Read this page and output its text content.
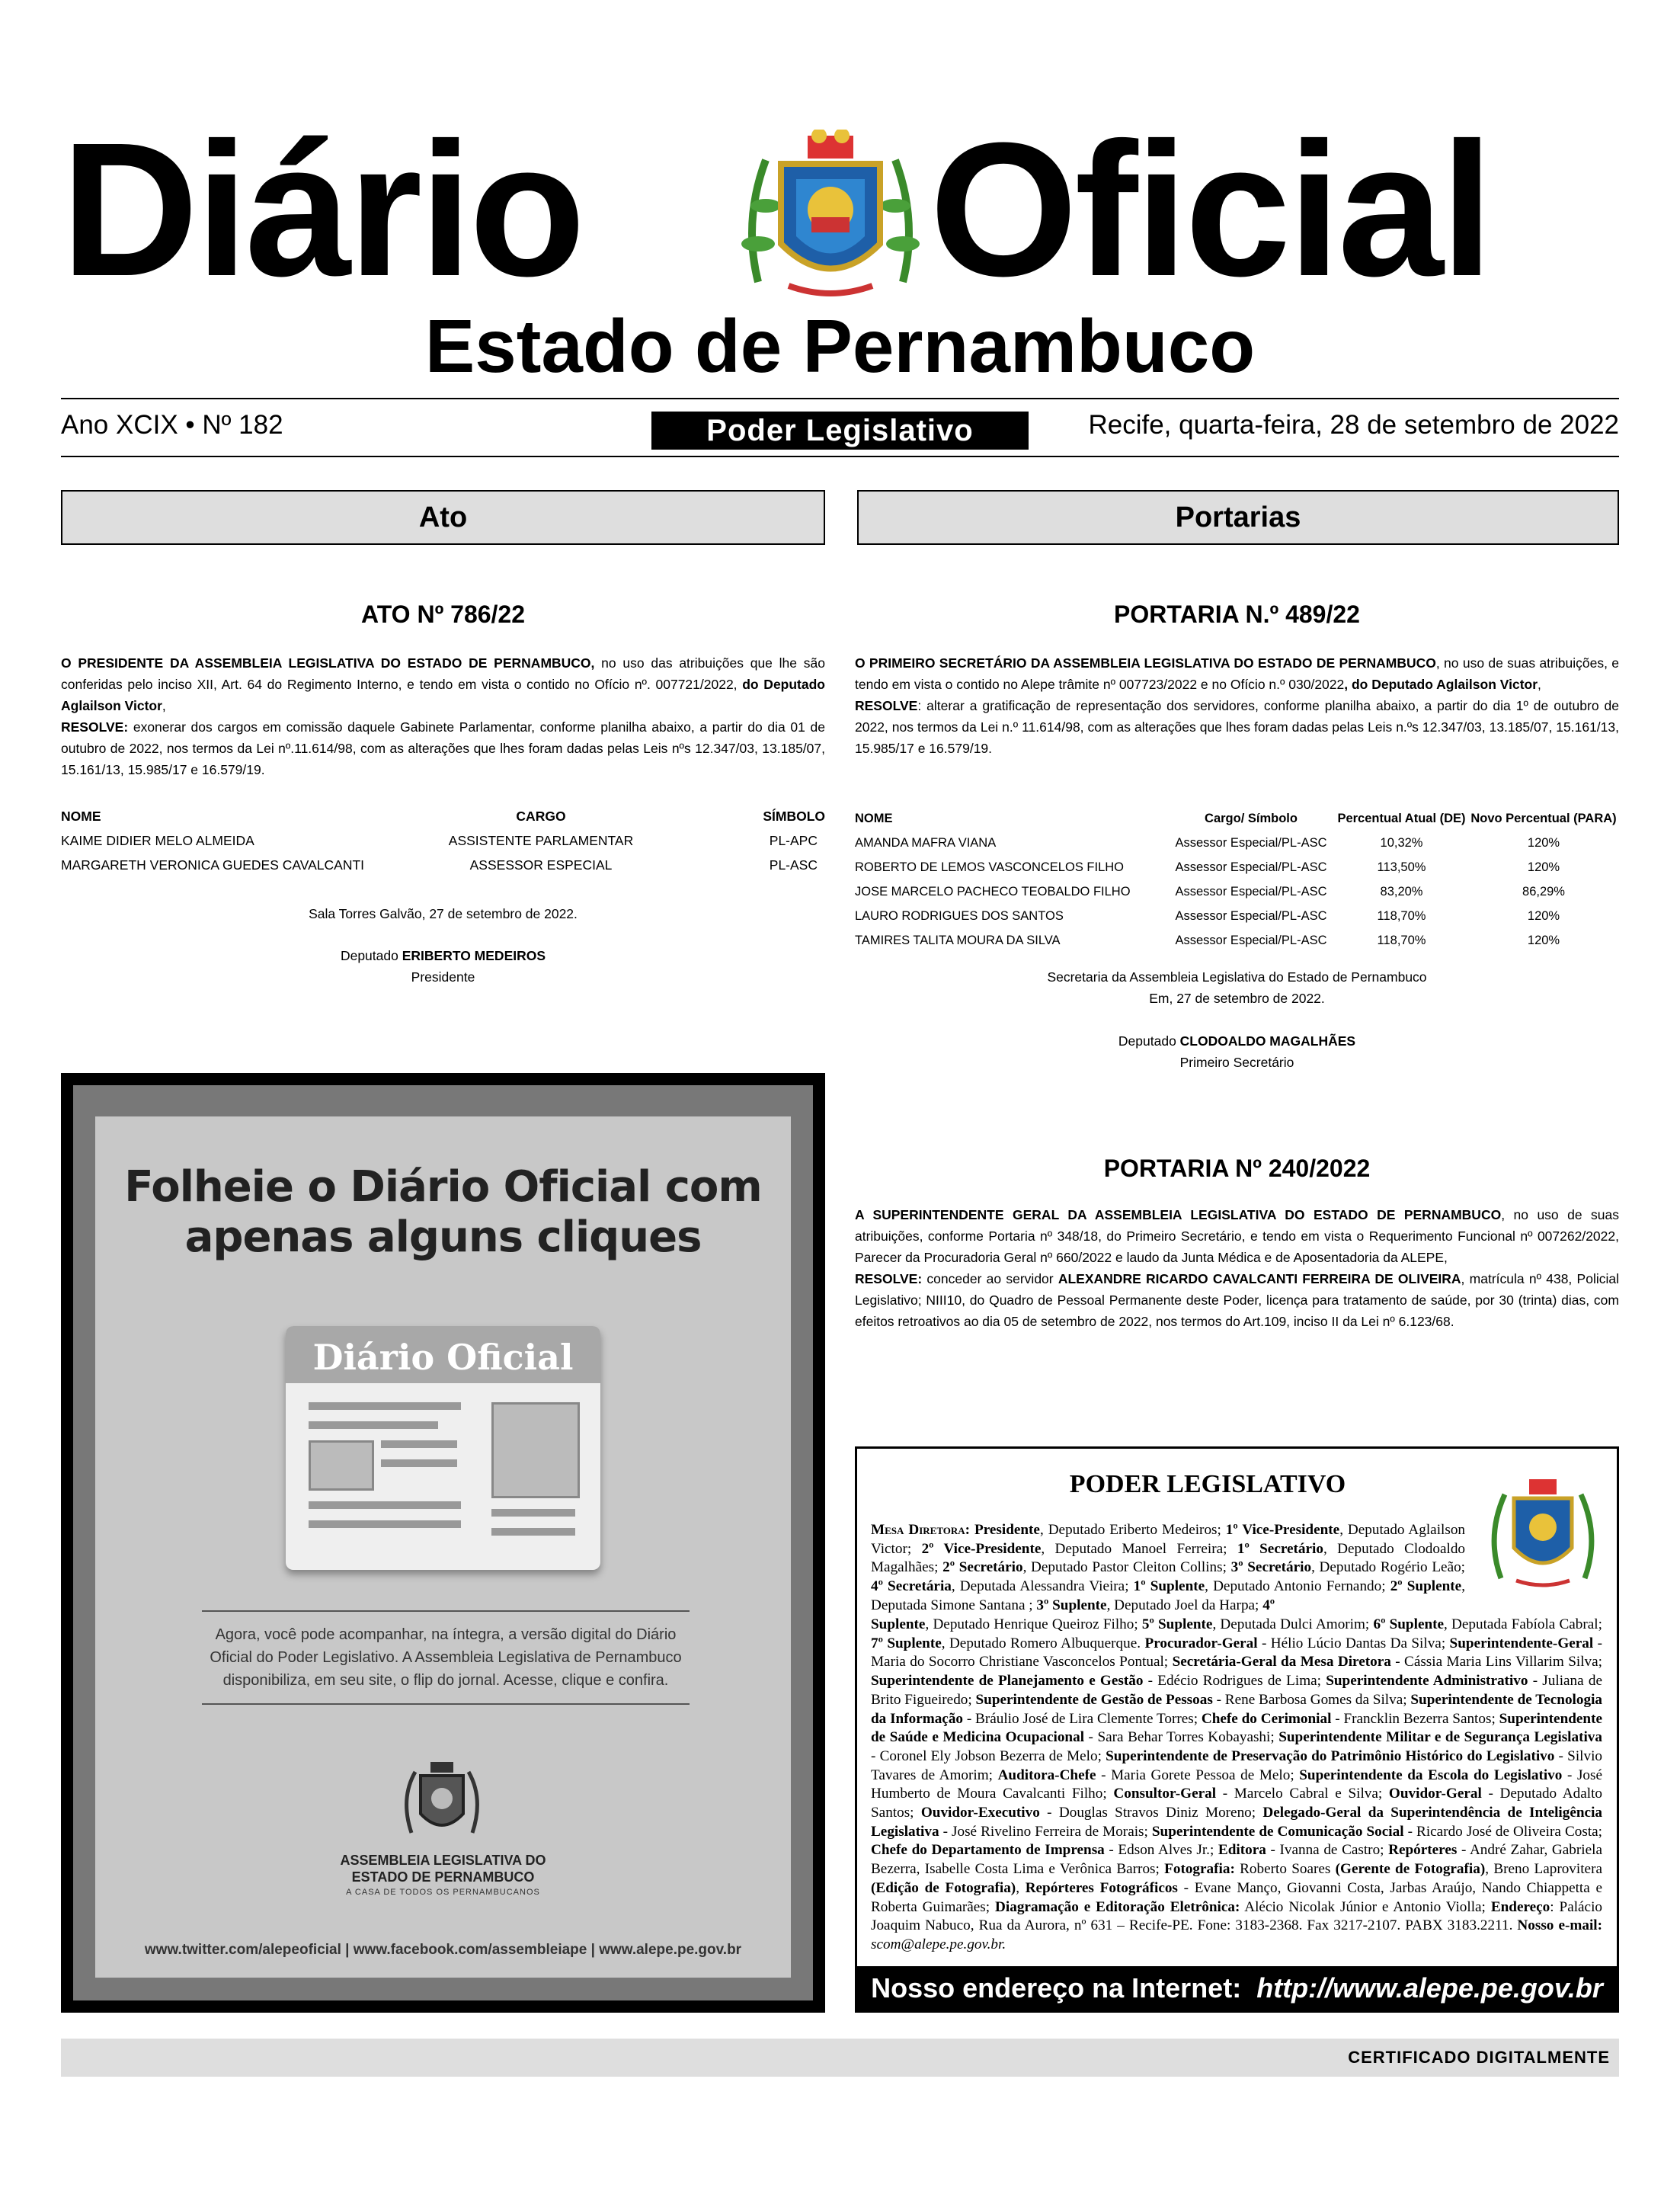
Diário Oficial
Estado de Pernambuco
Ano XCIX • Nº 182	Poder Legislativo	Recife, quarta-feira, 28 de setembro de 2022
Ato
ATO Nº 786/22
O PRESIDENTE DA ASSEMBLEIA LEGISLATIVA DO ESTADO DE PERNAMBUCO, no uso das atribuições que lhe são conferidas pelo inciso XII, Art. 64 do Regimento Interno, e tendo em vista o contido no Ofício nº. 007721/2022, do Deputado Aglailson Victor,
RESOLVE: exonerar dos cargos em comissão daquele Gabinete Parlamentar, conforme planilha abaixo, a partir do dia 01 de outubro de 2022, nos termos da Lei nº.11.614/98, com as alterações que lhes foram dadas pelas Leis nºs 12.347/03, 13.185/07, 15.161/13, 15.985/17 e 16.579/19.
NOME	CARGO	SÍMBOLO
KAIME DIDIER MELO ALMEIDA	ASSISTENTE PARLAMENTAR	PL-APC
MARGARETH VERONICA GUEDES CAVALCANTI	ASSESSOR ESPECIAL	PL-ASC
Sala Torres Galvão, 27 de setembro de 2022.
Deputado ERIBERTO MEDEIROS
Presidente
Folheie o Diário Oficial com
apenas alguns cliques
Diário Oficial
Agora, você pode acompanhar, na íntegra, a versão digital do Diário Oficial do Poder Legislativo. A Assembleia Legislativa de Pernambuco disponibiliza, em seu site, o flip do jornal. Acesse, clique e confira.
ASSEMBLEIA LEGISLATIVA DO
ESTADO DE PERNAMBUCO
A CASA DE TODOS OS PERNAMBUCANOS
www.twitter.com/alepeoficial | www.facebook.com/assembleiape | www.alepe.pe.gov.br
Portarias
PORTARIA N.º 489/22
O PRIMEIRO SECRETÁRIO DA ASSEMBLEIA LEGISLATIVA DO ESTADO DE PERNAMBUCO, no uso de suas atribuições, e tendo em vista o contido no Alepe trâmite nº 007723/2022 e no Ofício n.º 030/2022, do Deputado Aglailson Victor,
RESOLVE: alterar a gratificação de representação dos servidores, conforme planilha abaixo, a partir do dia 1º de outubro de 2022, nos termos da Lei n.º 11.614/98, com as alterações que lhes foram dadas pelas Leis n.ºs 12.347/03, 13.185/07, 15.161/13, 15.985/17 e 16.579/19.
NOME	Cargo/ Símbolo	Percentual Atual (DE)	Novo Percentual (PARA)
AMANDA MAFRA VIANA	Assessor Especial/PL-ASC	10,32%	120%
ROBERTO DE LEMOS VASCONCELOS FILHO	Assessor Especial/PL-ASC	113,50%	120%
JOSE MARCELO PACHECO TEOBALDO FILHO	Assessor Especial/PL-ASC	83,20%	86,29%
LAURO RODRIGUES DOS SANTOS	Assessor Especial/PL-ASC	118,70%	120%
TAMIRES TALITA MOURA DA SILVA	Assessor Especial/PL-ASC	118,70%	120%
Secretaria da Assembleia Legislativa do Estado de Pernambuco
Em, 27 de setembro de 2022.
Deputado CLODOALDO MAGALHÃES
Primeiro Secretário
PORTARIA Nº 240/2022
A SUPERINTENDENTE GERAL DA ASSEMBLEIA LEGISLATIVA DO ESTADO DE PERNAMBUCO, no uso de suas atribuições, conforme Portaria nº 348/18, do Primeiro Secretário, e tendo em vista o Requerimento Funcional nº 007262/2022, Parecer da Procuradoria Geral nº 660/2022 e laudo da Junta Médica e de Aposentadoria da ALEPE,
RESOLVE: conceder ao servidor ALEXANDRE RICARDO CAVALCANTI FERREIRA DE OLIVEIRA, matrícula nº 438, Policial Legislativo; NIII10, do Quadro de Pessoal Permanente deste Poder, licença para tratamento de saúde, por 30 (trinta) dias, com efeitos retroativos ao dia 05 de setembro de 2022, nos termos do Art.109, inciso II da Lei nº 6.123/68.
PODER LEGISLATIVO
Mesa Diretora: Presidente, Deputado Eriberto Medeiros; 1º Vice-Presidente, Deputado Aglailson Victor; 2º Vice-Presidente, Deputado Manoel Ferreira; 1º Secretário, Deputado Clodoaldo Magalhães; 2º Secretário, Deputado Pastor Cleiton Collins; 3º Secretário, Deputado Rogério Leão; 4º Secretária, Deputada Alessandra Vieira; 1º Suplente, Deputado Antonio Fernando; 2º Suplente, Deputada Simone Santana ; 3º Suplente, Deputado Joel da Harpa; 4º
Suplente, Deputado Henrique Queiroz Filho; 5º Suplente, Deputada Dulci Amorim; 6º Suplente, Deputada Fabíola Cabral; 7º Suplente, Deputado Romero Albuquerque. Procurador-Geral - Hélio Lúcio Dantas Da Silva; Superintendente-Geral - Maria do Socorro Christiane Vasconcelos Pontual; Secretária-Geral da Mesa Diretora - Cássia Maria Lins Villarim Silva; Superintendente de Planejamento e Gestão - Edécio Rodrigues de Lima; Superintendente Administrativo - Juliana de Brito Figueiredo; Superintendente de Gestão de Pessoas - Rene Barbosa Gomes da Silva; Superintendente de Tecnologia da Informação - Bráulio José de Lira Clemente Torres; Chefe do Cerimonial - Francklin Bezerra Santos; Superintendente de Saúde e Medicina Ocupacional - Sara Behar Torres Kobayashi; Superintendente Militar e de Segurança Legislativa - Coronel Ely Jobson Bezerra de Melo; Superintendente de Preservação do Patrimônio Histórico do Legislativo - Silvio Tavares de Amorim; Auditora-Chefe - Maria Gorete Pessoa de Melo; Superintendente da Escola do Legislativo - José Humberto de Moura Cavalcanti Filho; Consultor-Geral - Marcelo Cabral e Silva; Ouvidor-Geral - Deputado Adalto Santos; Ouvidor-Executivo - Douglas Stravos Diniz Moreno; Delegado-Geral da Superintendência de Inteligência Legislativa - José Rivelino Ferreira de Morais; Superintendente de Comunicação Social - Ricardo José de Oliveira Costa; Chefe do Departamento de Imprensa - Edson Alves Jr.; Editora - Ivanna de Castro; Repórteres - André Zahar, Gabriela Bezerra, Isabelle Costa Lima e Verônica Barros; Fotografia: Roberto Soares (Gerente de Fotografia), Breno Laprovitera (Edição de Fotografia), Repórteres Fotográficos - Evane Manço, Giovanni Costa, Jarbas Araújo, Nando Chiappetta e Roberta Guimarães; Diagramação e Editoração Eletrônica: Alécio Nicolak Júnior e Antonio Violla; Endereço: Palácio Joaquim Nabuco, Rua da Aurora, nº 631 – Recife-PE. Fone: 3183-2368. Fax 3217-2107. PABX 3183.2211. Nosso e-mail: scom@alepe.pe.gov.br.
Nosso endereço na Internet: http://www.alepe.pe.gov.br
CERTIFICADO DIGITALMENTE
